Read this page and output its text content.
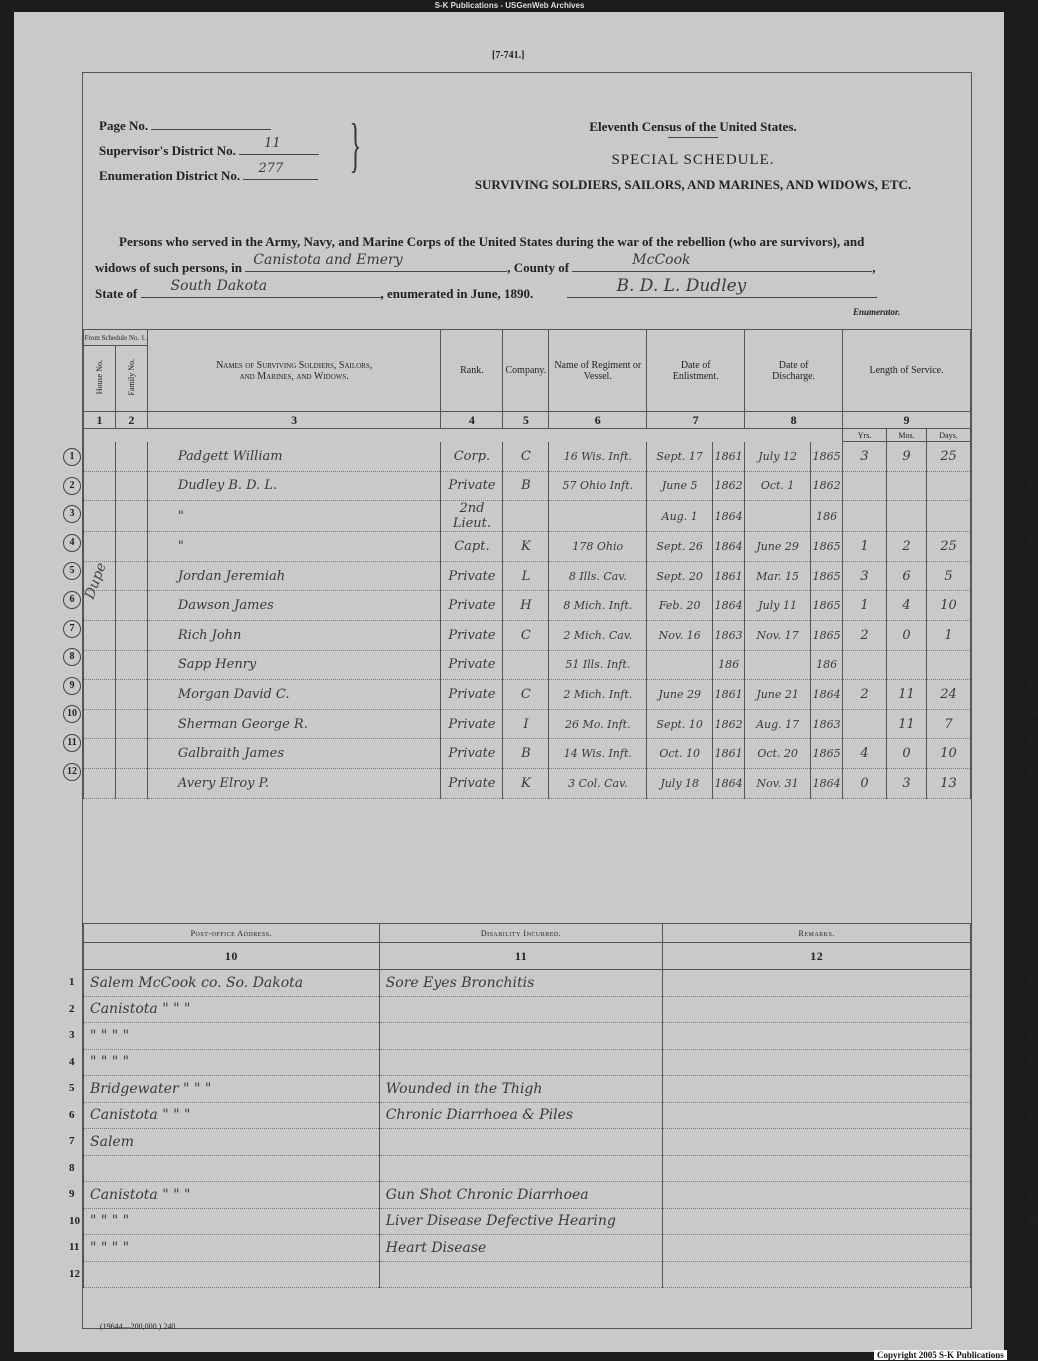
S-K Publications - USGenWeb Archives
[7-741.]
Page No.
Supervisor's District No. 11
Enumeration District No. 277 }	Eleventh Census of the United States.
SPECIAL SCHEDULE.
SURVIVING SOLDIERS, SAILORS, AND MARINES, AND WIDOWS, ETC.
Persons who served in the Army, Navy, and Marine Corps of the United States during the war of the rebellion (who are survivors), and
widows of such persons, in Canistota and Emery	, County of	McCook	,
State of South Dakota	, enumerated in June, 1890.	B. D. L. Dudley
Enumerator.
From Schedule No. 1.		Names of Surviving Soldiers, Sailors, and Marines, and Widows.	Rank.	Company.	Name of Regiment or Vessel.	Date of Enlistment.		Date of Discharge.		Length of Service.		
House No.	Family No.											
1	2	3	4	5	6	7		8		9		
										Yrs.	Mos.	Days.
		Padgett William	Corp.	C	16 Wis. Inft.	Sept. 17	1861	July 12	1865	3	9	25
		Dudley B. D. L.	Private	B	57 Ohio Inft.	June 5	1862	Oct. 1	1862			
		"	2nd Lieut.			Aug. 1	1864		186			
		"	Capt.	K	178 Ohio	Sept. 26	1864	June 29	1865	1	2	25
		Jordan Jeremiah	Private	L	8 Ills. Cav.	Sept. 20	1861	Mar. 15	1865	3	6	5
		Dawson James	Private	H	8 Mich. Inft.	Feb. 20	1864	July 11	1865	1	4	10
		Rich John	Private	C	2 Mich. Cav.	Nov. 16	1863	Nov. 17	1865	2	0	1
		Sapp Henry	Private		51 Ills. Inft.		186		186			
		Morgan David C.	Private	C	2 Mich. Inft.	June 29	1861	June 21	1864	2	11	24
		Sherman George R.	Private	I	26 Mo. Inft.	Sept. 10	1862	Aug. 17	1863		11	7
		Galbraith James	Private	B	14 Wis. Inft.	Oct. 10	1861	Oct. 20	1865	4	0	10
		Avery Elroy P.	Private	K	3 Col. Cav.	July 18	1864	Nov. 31	1864	0	3	13
Post-office Address.	Disability Incurred.	Remarks.
10	11	12
Salem McCook co. So. Dakota	Sore Eyes Bronchitis	
Canistota " " "		
" " " "		
" " " "		
Bridgewater " " "	Wounded in the Thigh	
Canistota " " "	Chronic Diarrhoea & Piles	
Salem		

Canistota " " "	Gun Shot Chronic Diarrhoea	
" " " "	Liver Disease Defective Hearing	
" " " "	Heart Disease	

1	1
2	2
3	3
4	4
5	5
6	6
7	7
8	8
9	9
10	10
11	11
12	12
1	1
2	2
3	3
4	4
5	5
6	6
7	7
8	8
9	9
10	10
11	11
12	12
Dupe
(19644—200,000.) 240
Copyright 2005 S-K Publications
